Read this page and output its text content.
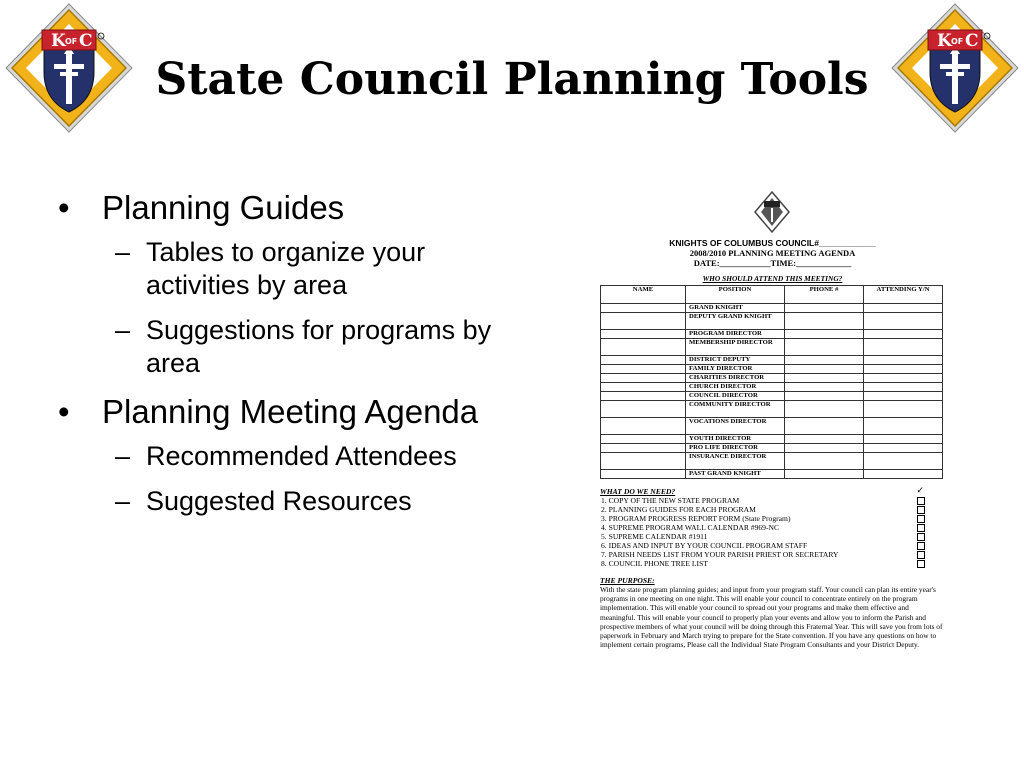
K OF C	K OF C
State Council Planning Tools
• Planning Guides
– Tables to organize your activities by area
– Suggestions for programs by area
• Planning Meeting Agenda
– Recommended Attendees
– Suggested Resources
KNIGHTS OF COLUMBUS COUNCIL#____________
2008/2010 PLANNING MEETING AGENDA
DATE:____________TIME:_____________
WHO SHOULD ATTEND THIS MEETING?
NAME	POSITION	PHONE #	ATTENDING Y/N
	GRAND KNIGHT		
	DEPUTY GRAND KNIGHT		
	PROGRAM DIRECTOR		
	MEMBERSHIP DIRECTOR		
	DISTRICT DEPUTY		
	FAMILY DIRECTOR		
	CHARITIES DIRECTOR		
	CHURCH DIRECTOR		
	COUNCIL DIRECTOR		
	COMMUNITY DIRECTOR		
	VOCATIONS DIRECTOR		
	YOUTH DIRECTOR		
	PRO LIFE DIRECTOR		
	INSURANCE DIRECTOR		
	PAST GRAND KNIGHT		
WHAT DO WE NEED?	✓
1. COPY OF THE NEW STATE PROGRAM
2. PLANNING GUIDES FOR EACH PROGRAM
3. PROGRAM PROGRESS REPORT FORM (State Program)
4. SUPREME PROGRAM WALL CALENDAR #969-NC
5. SUPREME CALENDAR #1911
6. IDEAS AND INPUT BY YOUR COUNCIL PROGRAM STAFF
7. PARISH NEEDS LIST FROM YOUR PARISH PRIEST OR SECRETARY
8. COUNCIL PHONE TREE LIST
THE PURPOSE:
With the state program planning guides; and input from your program staff. Your council can plan its entire year's programs in one meeting on one night. This will enable your council to concentrate entirely on the program implementation. This will enable your council to spread out your programs and make them effective and meaningful. This will enable your council to properly plan your events and allow you to inform the Parish and prospective members of what your council will be doing through this Fraternal Year. This will save you from lots of paperwork in February and March trying to prepare for the State convention. If you have any questions on how to implement certain programs, Please call the Individual State Program Consultants and your District Deputy.
